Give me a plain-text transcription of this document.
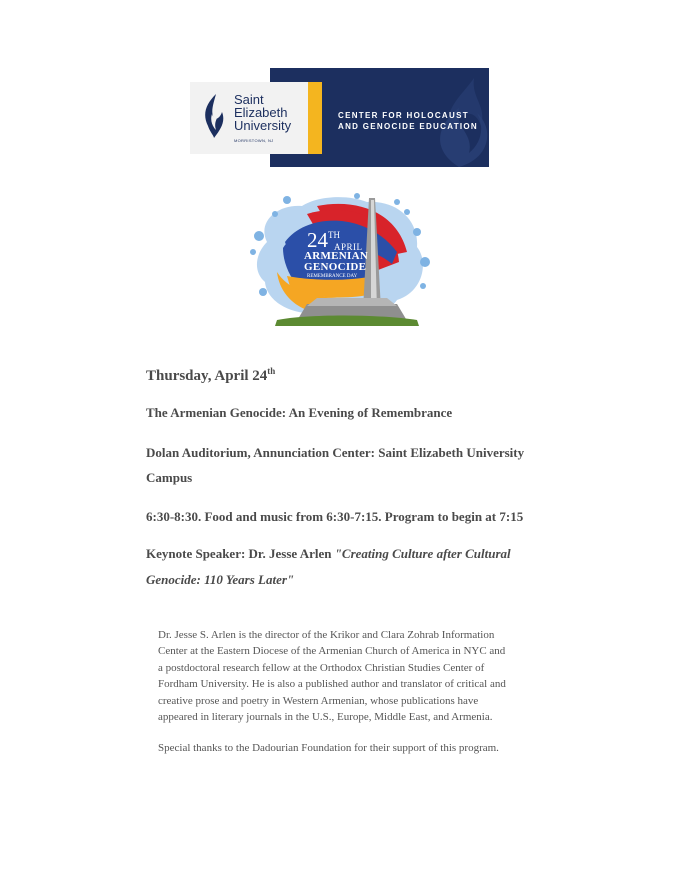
Saint
Elizabeth
University
MORRISTOWN, NJ
CENTER FOR HOLOCAUST
AND GENOCIDE EDUCATION
24TH
APRIL
ARMENIAN
GENOCIDE
REMEMBRANCE DAY
Thursday, April 24th
The Armenian Genocide: An Evening of Remembrance
Dolan Auditorium, Annunciation Center: Saint Elizabeth University
Campus
6:30-8:30. Food and music from 6:30-7:15. Program to begin at 7:15
Keynote Speaker: Dr. Jesse Arlen "Creating Culture after Cultural
Genocide: 110 Years Later"
Dr. Jesse S. Arlen is the director of the Krikor and Clara Zohrab Information
Center at the Eastern Diocese of the Armenian Church of America in NYC and
a postdoctoral research fellow at the Orthodox Christian Studies Center of
Fordham University. He is also a published author and translator of critical and
creative prose and poetry in Western Armenian, whose publications have
appeared in literary journals in the U.S., Europe, Middle East, and Armenia.
Special thanks to the Dadourian Foundation for their support of this program.
